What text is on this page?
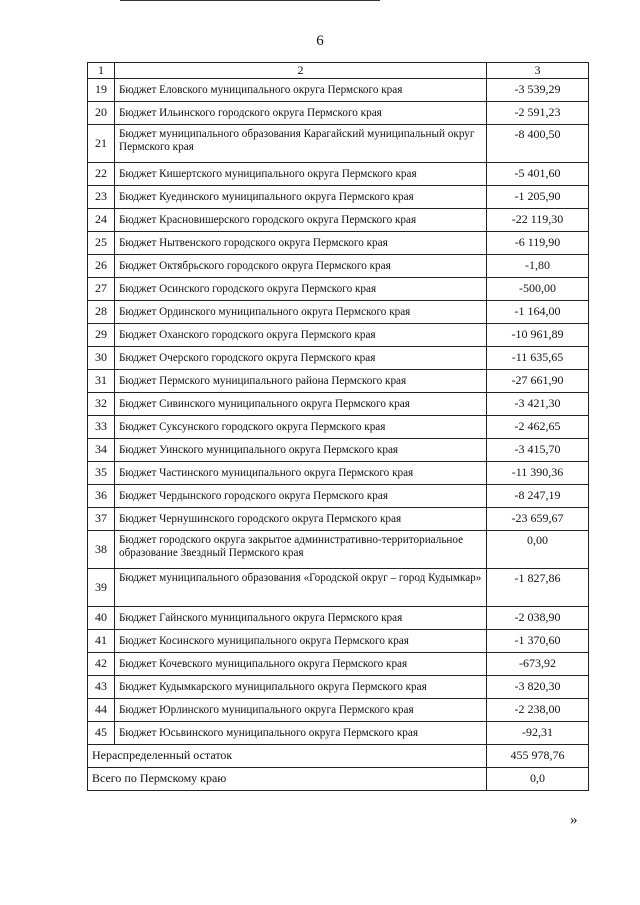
6
1	2	3
19	Бюджет Еловского муниципального округа Пермского края	-3 539,29
20	Бюджет Ильинского городского округа Пермского края	-2 591,23
21	Бюджет муниципального образования Карагайский муниципальный округ Пермского края	-8 400,50
22	Бюджет Кишертского муниципального округа Пермского края	-5 401,60
23	Бюджет Куединского муниципального округа Пермского края	-1 205,90
24	Бюджет Красновишерского городского округа Пермского края	-22 119,30
25	Бюджет Нытвенского городского округа Пермского края	-6 119,90
26	Бюджет Октябрьского городского округа Пермского края	-1,80
27	Бюджет Осинского городского округа Пермского края	-500,00
28	Бюджет Ординского муниципального округа Пермского края	-1 164,00
29	Бюджет Оханского городского округа Пермского края	-10 961,89
30	Бюджет Очерского городского округа Пермского края	-11 635,65
31	Бюджет Пермского муниципального района Пермского края	-27 661,90
32	Бюджет Сивинского муниципального округа Пермского края	-3 421,30
33	Бюджет Суксунского городского округа Пермского края	-2 462,65
34	Бюджет Уинского муниципального округа Пермского края	-3 415,70
35	Бюджет Частинского муниципального округа Пермского края	-11 390,36
36	Бюджет Чердынского городского округа Пермского края	-8 247,19
37	Бюджет Чернушинского городского округа Пермского края	-23 659,67
38	Бюджет городского округа закрытое административно-территориальное образование Звездный Пермского края	0,00
39	Бюджет муниципального образования «Городской округ – город Кудымкар»	-1 827,86
40	Бюджет Гайнского муниципального округа Пермского края	-2 038,90
41	Бюджет Косинского муниципального округа Пермского края	-1 370,60
42	Бюджет Кочевского муниципального округа Пермского края	-673,92
43	Бюджет Кудымкарского муниципального округа Пермского края	-3 820,30
44	Бюджет Юрлинского муниципального округа Пермского края	-2 238,00
45	Бюджет Юсьвинского муниципального округа Пермского края	-92,31
Нераспределенный остаток		455 978,76
Всего по Пермскому краю		0,0
»
